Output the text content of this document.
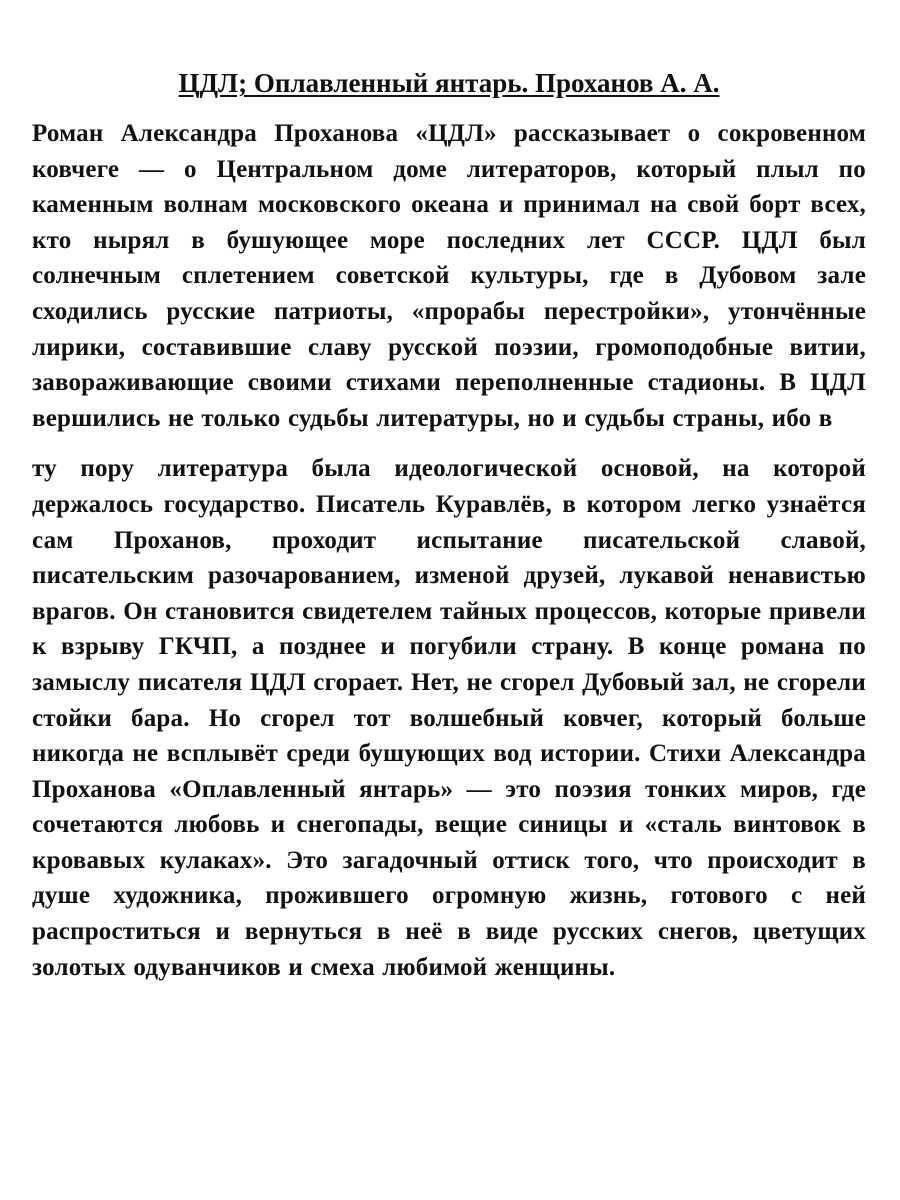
ЦДЛ; Оплавленный янтарь. Проханов А. А.

Роман Александра Проханова «ЦДЛ» рассказывает о сокровенном ковчеге — о Центральном доме литераторов, который плыл по каменным волнам московского океана и принимал на свой борт всех, кто нырял в бушующее море последних лет СССР. ЦДЛ был солнечным сплетением советской культуры, где в Дубовом зале сходились русские патриоты, «прорабы перестройки», утончённые лирики, составившие славу русской поэзии, громоподобные витии, завораживающие своими стихами переполненные стадионы. В ЦДЛ вершились не только судьбы литературы, но и судьбы страны, ибо в

ту пору литература была идеологической основой, на которой держалось государство. Писатель Куравлёв, в котором легко узнаётся сам Проханов, проходит испытание писательской славой, писательским разочарованием, изменой друзей, лукавой ненавистью врагов. Он становится свидетелем тайных процессов, которые привели к взрыву ГКЧП, а позднее и погубили страну. В конце романа по замыслу писателя ЦДЛ сгорает. Нет, не сгорел Дубовый зал, не сгорели стойки бара. Но сгорел тот волшебный ковчег, который больше никогда не всплывёт среди бушующих вод истории. Стихи Александра Проханова «Оплавленный янтарь» — это поэзия тонких миров, где сочетаются любовь и снегопады, вещие синицы и «сталь винтовок в кровавых кулаках». Это загадочный оттиск того, что происходит в душе художника, прожившего огромную жизнь, готового с ней распроститься и вернуться в неё в виде русских снегов, цветущих золотых одуванчиков и смеха любимой женщины.
